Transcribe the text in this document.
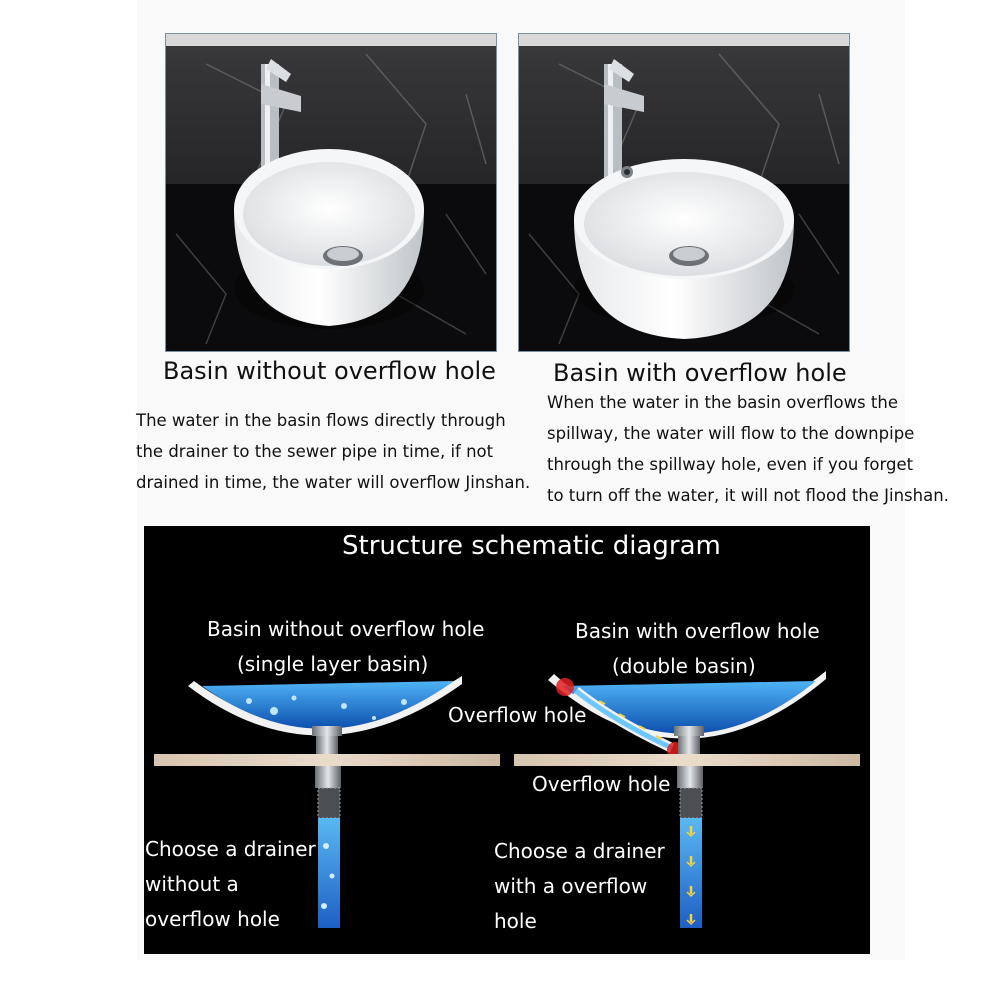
Basin without overflow hole Basin with overflow hole
The water in the basin flows directly through
the drainer to the sewer pipe in time, if not
drained in time, the water will overflow Jinshan.
When the water in the basin overflows the
spillway, the water will flow to the downpipe
through the spillway hole, even if you forget
to turn off the water, it will not flood the Jinshan.
Structure schematic diagram
Basin without overflow hole
(single layer basin)
Basin with overflow hole
(double basin)
Overflow hole
Overflow hole
Choose a drainer
without a
overflow hole
Choose a drainer
with a overflow
hole
